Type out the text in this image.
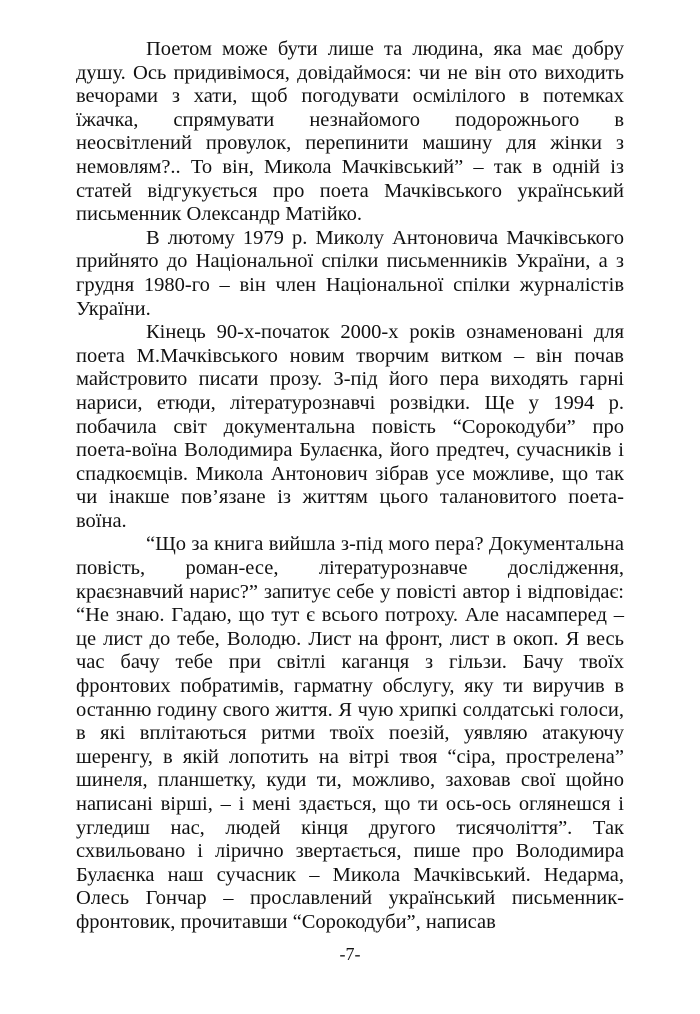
Поетом може бути лише та людина, яка має добру душу. Ось придивімося, довідаймося: чи не він ото виходить вечорами з хати, щоб погодувати осмілілого в потемках їжачка, спрямувати незнайомого подорожнього в неосвітлений провулок, перепинити машину для жінки з немовлям?.. То він, Микола Мачківський” – так в одній із статей відгукується про поета Мачківського український письменник Олександр Матійко.

В лютому 1979 р. Миколу Антоновича Мачківського прийнято до Національної спілки письменників України, а з грудня 1980-го – він член Національної спілки журналістів України.

Кінець 90-х-початок 2000-х років ознаменовані для поета М.Мачківського новим творчим витком – він почав майстровито писати прозу. З-під його пера виходять гарні нариси, етюди, літературознавчі розвідки. Ще у 1994 р. побачила світ документальна повість “Сорокодуби” про поета-воїна Володимира Булаєнка, його предтеч, сучасників і спадкоємців. Микола Антонович зібрав усе можливе, що так чи інакше пов’язане із життям цього талановитого поета-воїна.

“Що за книга вийшла з-під мого пера? Документальна повість, роман-есе, літературознавче дослідження, краєзнавчий нарис?” запитує себе у повісті автор і відповідає: “Не знаю. Гадаю, що тут є всього потроху. Але насамперед – це лист до тебе, Володю. Лист на фронт, лист в окоп. Я весь час бачу тебе при світлі каганця з гільзи. Бачу твоїх фронтових побратимів, гарматну обслугу, яку ти виручив в останню годину свого життя. Я чую хрипкі солдатські голоси, в які вплітаються ритми твоїх поезій, уявляю атакуючу шеренгу, в якій лопотить на вітрі твоя “сіра, прострелена” шинеля, планшетку, куди ти, можливо, заховав свої щойно написані вірші, – і мені здається, що ти ось-ось оглянешся і угледиш нас, людей кінця другого тисячоліття”. Так схвильовано і лірично звертається, пише про Володимира Булаєнка наш сучасник – Микола Мачківський. Недарма, Олесь Гончар – прославлений український письменник-фронтовик, прочитавши “Сорокодуби”, написав

-7-
